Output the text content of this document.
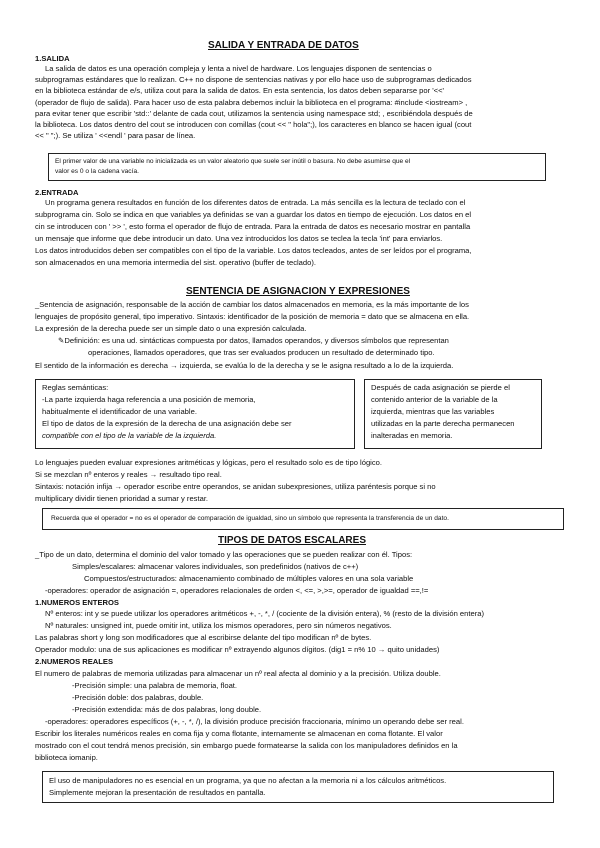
SALIDA Y ENTRADA DE DATOS
1.SALIDA
La salida de datos es una operación compleja y lenta a nivel de hardware. Los lenguajes disponen de sentencias o
subprogramas estándares que lo realizan. C++ no dispone de sentencias nativas y por ello hace uso de subprogramas dedicados
en la biblioteca estándar de e/s, utiliza cout para la salida de datos. En esta sentencia, los datos deben separarse por '<<'
(operador de flujo de salida). Para hacer uso de esta palabra debemos incluir la biblioteca en el programa: #include <iostream> ,
para evitar tener que escribir 'std::' delante de cada cout, utilizamos la sentencia using namespace std; , escribiéndola después de
la biblioteca. Los datos dentro del cout se introducen con comillas (cout << " hola";), los caracteres en blanco se hacen igual (cout
<< " ";). Se utiliza ' <<endl ' para pasar de línea.
El primer valor de una variable no inicializada es un valor aleatorio que suele ser inútil o basura. No debe asumirse que el
valor es 0 o la cadena vacía.
2.ENTRADA
Un programa genera resultados en función de los diferentes datos de entrada. La más sencilla es la lectura de teclado con el
subprograma cin. Solo se indica en que variables ya definidas se van a guardar los datos en tiempo de ejecución. Los datos en el
cin se introducen con ' >> ', esto forma el operador de flujo de entrada. Para la entrada de datos es necesario mostrar en pantalla
un mensaje que informe que debe introducir un dato. Una vez introducidos los datos se teclea la tecla 'int' para enviarlos.
Los datos introducidos deben ser compatibles con el tipo de la variable. Los datos tecleados, antes de ser leídos por el programa,
son almacenados en una memoria intermedia del sist. operativo (buffer de teclado).
SENTENCIA DE ASIGNACION Y EXPRESIONES
_Sentencia de asignación, responsable de la acción de cambiar los datos almacenados en memoria, es la más importante de los
lenguajes de propósito general, tipo imperativo. Sintaxis: identificador de la posición de memoria = dato que se almacena en ella.
La expresión de la derecha puede ser un simple dato o una expresión calculada.
✎Definición: es una ud. sintácticas compuesta por datos, llamados operandos, y diversos símbolos que representan
operaciones, llamados operadores, que tras ser evaluados producen un resultado de determinado tipo.
El sentido de la información es derecha → izquierda, se evalúa lo de la derecha y se le asigna resultado a lo de la izquierda.
Reglas semánticas:
-La parte izquierda haga referencia a una posición de memoria,
habitualmente el identificador de una variable.
El tipo de datos de la expresión de la derecha de una asignación debe ser
compatible con el tipo de la variable de la izquierda.
Después de cada asignación se pierde el
contenido anterior de la variable de la
izquierda, mientras que las variables
utilizadas en la parte derecha permanecen
inalteradas en memoria.
Lo lenguajes pueden evaluar expresiones aritméticas y lógicas, pero el resultado solo es de tipo lógico.
Si se mezclan nº enteros y reales → resultado tipo real.
Sintaxis: notación infija → operador escribe entre operandos, se anidan subexpresiones, utiliza paréntesis porque si no
multiplicary dividir tienen prioridad a sumar y restar.
Recuerda que el operador = no es el operador de comparación de igualdad, sino un símbolo que representa la transferencia de un dato.
TIPOS DE DATOS ESCALARES
_Tipo de un dato, determina el dominio del valor tomado y las operaciones que se pueden realizar con él. Tipos:
Simples/escalares: almacenar valores individuales, son predefinidos (nativos de c++)
Compuestos/estructurados: almacenamiento combinado de múltiples valores en una sola variable
-operadores: operador de asignación =, operadores relacionales de orden <, <=, >,>=, operador de igualdad ==,!=
1.NUMEROS ENTEROS
Nº enteros: int y se puede utilizar los operadores aritméticos +, -, *, / (cociente de la división entera), % (resto de la división entera)
Nº naturales: unsigned int, puede omitir int, utiliza los mismos operadores, pero sin números negativos.
Las palabras short y long son modificadores que al escribirse delante del tipo modifican nº de bytes.
Operador modulo: una de sus aplicaciones es modificar nº extrayendo algunos dígitos. (dig1 = n% 10 → quito unidades)
2.NUMEROS REALES
El numero de palabras de memoria utilizadas para almacenar un nº real afecta al dominio y a la precisión. Utiliza double.
-Precisión simple: una palabra de memoria, float.
-Precisión doble: dos palabras, double.
-Precisión extendida: más de dos palabras, long double.
-operadores: operadores específicos (+, -, *, /), la división produce precisión fraccionaria, mínimo un operando debe ser real.
Escribir los literales numéricos reales en coma fija y coma flotante, internamente se almacenan en coma flotante. El valor
mostrado con el cout tendrá menos precisión, sin embargo puede formatearse la salida con los manipuladores definidos en la
biblioteca iomanip.
El uso de manipuladores no es esencial en un programa, ya que no afectan a la memoria ni a los cálculos aritméticos.
Simplemente mejoran la presentación de resultados en pantalla.
